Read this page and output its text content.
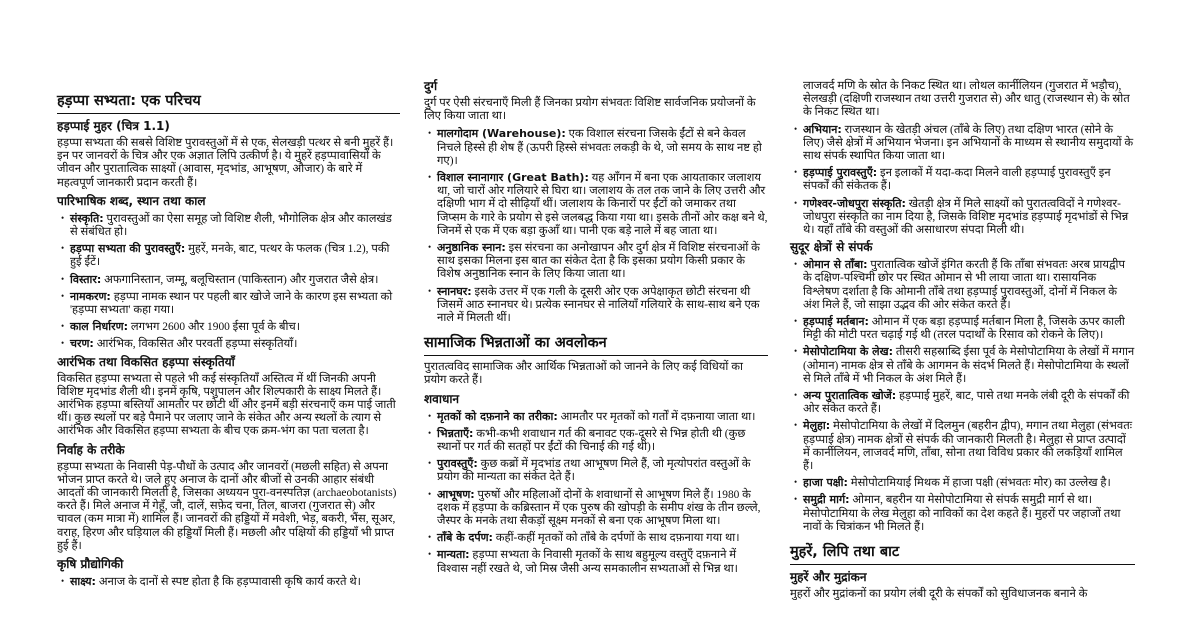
हड़प्पा सभ्यता: एक परिचय
हड़प्पाई मुहर (चित्र 1.1)

हड़प्पा सभ्यता की सबसे विशिष्ट पुरावस्तुओं में से एक, सेलखड़ी पत्थर से बनी मुहरें हैं। इन पर जानवरों के चित्र और एक अज्ञात लिपि उत्कीर्ण है। ये मुहरें हड़प्पावासियों के जीवन और पुरातात्विक साक्ष्यों (आवास, मृदभांड, आभूषण, औजार) के बारे में महत्वपूर्ण जानकारी प्रदान करती हैं।

पारिभाषिक शब्द, स्थान तथा काल
• संस्कृति: पुरावस्तुओं का ऐसा समूह जो विशिष्ट शैली, भौगोलिक क्षेत्र और कालखंड से संबंधित हो।
• हड़प्पा सभ्यता की पुरावस्तुएँ: मुहरें, मनके, बाट, पत्थर के फलक (चित्र 1.2), पकी हुई ईंटें।
• विस्तार: अफगानिस्तान, जम्मू, बलूचिस्तान (पाकिस्तान) और गुजरात जैसे क्षेत्र।
• नामकरण: हड़प्पा नामक स्थान पर पहली बार खोजे जाने के कारण इस सभ्यता को 'हड़प्पा सभ्यता' कहा गया।
• काल निर्धारण: लगभग 2600 और 1900 ईसा पूर्व के बीच।
• चरण: आरंभिक, विकसित और परवर्ती हड़प्पा संस्कृतियाँ।
आरंभिक तथा विकसित हड़प्पा संस्कृतियाँ

विकसित हड़प्पा सभ्यता से पहले भी कई संस्कृतियाँ अस्तित्व में थीं जिनकी अपनी विशिष्ट मृदभांड शैली थी। इनमें कृषि, पशुपालन और शिल्पकारी के साक्ष्य मिलते हैं। आरंभिक हड़प्पा बस्तियाँ आमतौर पर छोटी थीं और इनमें बड़ी संरचनाएँ कम पाई जाती थीं। कुछ स्थलों पर बड़े पैमाने पर जलाए जाने के संकेत और अन्य स्थलों के त्याग से आरंभिक और विकसित हड़प्पा सभ्यता के बीच एक क्रम-भंग का पता चलता है।

निर्वाह के तरीके

हड़प्पा सभ्यता के निवासी पेड़-पौधों के उत्पाद और जानवरों (मछली सहित) से अपना भोजन प्राप्त करते थे। जले हुए अनाज के दानों और बीजों से उनकी आहार संबंधी आदतों की जानकारी मिलती है, जिसका अध्ययन पुरा-वनस्पतिज्ञ (archaeobotanists) करते हैं। मिले अनाज में गेहूँ, जौ, दालें, सफ़ेद चना, तिल, बाजरा (गुजरात से) और चावल (कम मात्रा में) शामिल हैं। जानवरों की हड्डियों में मवेशी, भेड़, बकरी, भैंस, सूअर, वराह, हिरण और घड़ियाल की हड्डियाँ मिली हैं। मछली और पक्षियों की हड्डियाँ भी प्राप्त हुई हैं।

कृषि प्रौद्योगिकी
• साक्ष्य: अनाज के दानों से स्पष्ट होता है कि हड़प्पावासी कृषि कार्य करते थे।
दुर्ग

दुर्ग पर ऐसी संरचनाएँ मिली हैं जिनका प्रयोग संभवतः विशिष्ट सार्वजनिक प्रयोजनों के लिए किया जाता था।

• मालगोदाम (Warehouse): एक विशाल संरचना जिसके ईंटों से बने केवल निचले हिस्से ही शेष हैं (ऊपरी हिस्से संभवतः लकड़ी के थे, जो समय के साथ नष्ट हो गए)।
• विशाल स्नानागार (Great Bath): यह आँगन में बना एक आयताकार जलाशय था, जो चारों ओर गलियारे से घिरा था। जलाशय के तल तक जाने के लिए उत्तरी और दक्षिणी भाग में दो सीढ़ियाँ थीं। जलाशय के किनारों पर ईंटों को जमाकर तथा जिप्सम के गारे के प्रयोग से इसे जलबद्ध किया गया था। इसके तीनों ओर कक्ष बने थे, जिनमें से एक में एक बड़ा कुआँ था। पानी एक बड़े नाले में बह जाता था।
• अनुष्ठानिक स्नान: इस संरचना का अनोखापन और दुर्ग क्षेत्र में विशिष्ट संरचनाओं के साथ इसका मिलना इस बात का संकेत देता है कि इसका प्रयोग किसी प्रकार के विशेष अनुष्ठानिक स्नान के लिए किया जाता था।
• स्नानघर: इसके उत्तर में एक गली के दूसरी ओर एक अपेक्षाकृत छोटी संरचना थी जिसमें आठ स्नानघर थे। प्रत्येक स्नानघर से नालियाँ गलियारे के साथ-साथ बने एक नाले में मिलती थीं।
सामाजिक भिन्नताओं का अवलोकन

पुरातत्वविद सामाजिक और आर्थिक भिन्नताओं को जानने के लिए कई विधियों का प्रयोग करते हैं।

शवाधान
• मृतकों को दफ़नाने का तरीका: आमतौर पर मृतकों को गर्तों में दफ़नाया जाता था।
• भिन्नताएँ: कभी-कभी शवाधान गर्त की बनावट एक-दूसरे से भिन्न होती थी (कुछ स्थानों पर गर्त की सतहों पर ईंटों की चिनाई की गई थी)।
• पुरावस्तुएँ: कुछ कब्रों में मृदभांड तथा आभूषण मिले हैं, जो मृत्योपरांत वस्तुओं के प्रयोग की मान्यता का संकेत देते हैं।
• आभूषण: पुरुषों और महिलाओं दोनों के शवाधानों से आभूषण मिले हैं। 1980 के दशक में हड़प्पा के कब्रिस्तान में एक पुरुष की खोपड़ी के समीप शंख के तीन छल्ले, जैस्पर के मनके तथा सैकड़ों सूक्ष्म मनकों से बना एक आभूषण मिला था।
• ताँबे के दर्पण: कहीं-कहीं मृतकों को ताँबे के दर्पणों के साथ दफ़नाया गया था।
• मान्यता: हड़प्पा सभ्यता के निवासी मृतकों के साथ बहुमूल्य वस्तुएँ दफ़नाने में विश्वास नहीं रखते थे, जो मिस्र जैसी अन्य समकालीन सभ्यताओं से भिन्न था।
लाजवर्द मणि के स्रोत के निकट स्थित था। लोथल कार्नीलियन (गुजरात में भड़ौच), सेलखड़ी (दक्षिणी राजस्थान तथा उत्तरी गुजरात से) और धातु (राजस्थान से) के स्रोत के निकट स्थित था।
• अभियान: राजस्थान के खेतड़ी अंचल (ताँबे के लिए) तथा दक्षिण भारत (सोने के लिए) जैसे क्षेत्रों में अभियान भेजना। इन अभियानों के माध्यम से स्थानीय समुदायों के साथ संपर्क स्थापित किया जाता था।
• हड़प्पाई पुरावस्तुएँ: इन इलाकों में यदा-कदा मिलने वाली हड़प्पाई पुरावस्तुएँ इन संपर्कों की संकेतक हैं।
• गणेश्वर-जोधपुरा संस्कृति: खेतड़ी क्षेत्र में मिले साक्ष्यों को पुरातत्वविदों ने गणेश्वर-जोधपुरा संस्कृति का नाम दिया है, जिसके विशिष्ट मृदभांड हड़प्पाई मृदभांडों से भिन्न थे। यहाँ ताँबे की वस्तुओं की असाधारण संपदा मिली थी।
सुदूर क्षेत्रों से संपर्क
• ओमान से ताँबा: पुरातात्विक खोजें इंगित करती हैं कि ताँबा संभवतः अरब प्रायद्वीप के दक्षिण-पश्चिमी छोर पर स्थित ओमान से भी लाया जाता था। रासायनिक विश्लेषण दर्शाता है कि ओमानी ताँबे तथा हड़प्पाई पुरावस्तुओं, दोनों में निकल के अंश मिले हैं, जो साझा उद्भव की ओर संकेत करते हैं।
• हड़प्पाई मर्तबान: ओमान में एक बड़ा हड़प्पाई मर्तबान मिला है, जिसके ऊपर काली मिट्टी की मोटी परत चढ़ाई गई थी (तरल पदार्थों के रिसाव को रोकने के लिए)।
• मेसोपोटामिया के लेख: तीसरी सहस्राब्दि ईसा पूर्व के मेसोपोटामिया के लेखों में मगान (ओमान) नामक क्षेत्र से ताँबे के आगमन के संदर्भ मिलते हैं। मेसोपोटामिया के स्थलों से मिले ताँबे में भी निकल के अंश मिले हैं।
• अन्य पुरातात्विक खोजें: हड़प्पाई मुहरें, बाट, पासे तथा मनके लंबी दूरी के संपर्कों की ओर संकेत करते हैं।
• मेलुहा: मेसोपोटामिया के लेखों में दिलमुन (बहरीन द्वीप), मगान तथा मेलुहा (संभवतः हड़प्पाई क्षेत्र) नामक क्षेत्रों से संपर्क की जानकारी मिलती है। मेलुहा से प्राप्त उत्पादों में कार्नीलियन, लाजवर्द मणि, ताँबा, सोना तथा विविध प्रकार की लकड़ियाँ शामिल हैं।
• हाजा पक्षी: मेसोपोटामियाई मिथक में हाजा पक्षी (संभवतः मोर) का उल्लेख है।
• समुद्री मार्ग: ओमान, बहरीन या मेसोपोटामिया से संपर्क समुद्री मार्ग से था। मेसोपोटामिया के लेख मेलुहा को नाविकों का देश कहते हैं। मुहरों पर जहाजों तथा नावों के चित्रांकन भी मिलते हैं।
मुहरें, लिपि तथा बाट
मुहरें और मुद्रांकन

मुहरों और मुद्रांकनों का प्रयोग लंबी दूरी के संपर्कों को सुविधाजनक बनाने के
